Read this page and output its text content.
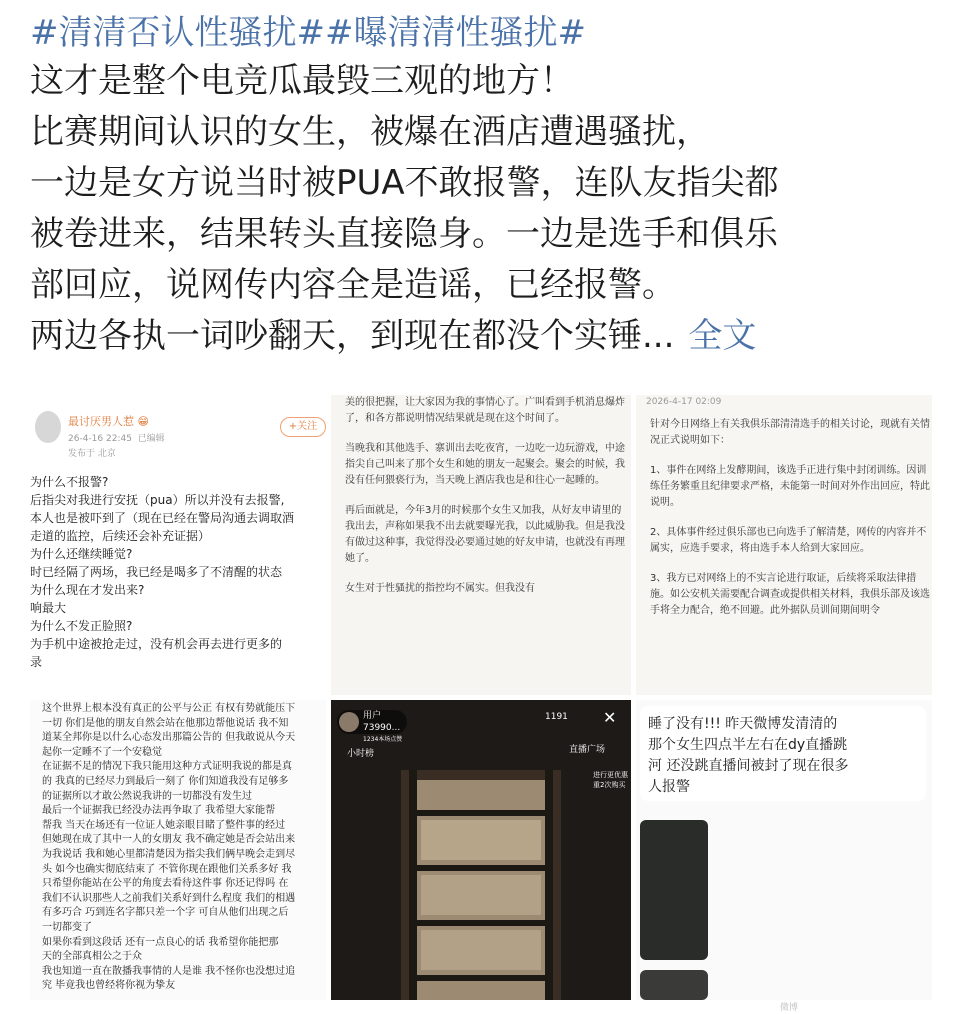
#清清否认性骚扰##曝清清性骚扰#
这才是整个电竞瓜最毁三观的地方！
比赛期间认识的女生，被爆在酒店遭遇骚扰，
一边是女方说当时被PUA不敢报警，连队友指尖都
被卷进来，结果转头直接隐身。一边是选手和俱乐
部回应，说网传内容全是造谣，已经报警。
两边各执一词吵翻天，到现在都没个实锤... 全文
最讨厌男人惹 😁
26-4-16 22:45 已编辑
发布于 北京
+关注
为什么不报警?
后指尖对我进行安抚（pua）所以并没有去报警,
本人也是被吓到了（现在已经在警局沟通去调取酒
走道的监控，后续还会补充证据）
为什么还继续睡觉?
时已经隔了两场，我已经是喝多了不清醒的状态
为什么现在才发出来?
响最大
为什么不发正脸照?
为手机中途被抢走过，没有机会再去进行更多的
录

美的很把握，让大家因为我的事情心了。广叫看到手机消息爆炸了，和各方都说明情况结果就是现在这个时间了。

当晚我和其他选手、寨训出去吃夜宵，一边吃一边玩游戏，中途指尖自己叫来了那个女生和她的朋友一起聚会。聚会的时候，我没有任何猥亵行为，当天晚上酒店我也是和往心一起睡的。

再后面就是，今年3月的时候那个女生又加我，从好友申请里的我出去，声称如果我不出去就要曝光我，以此威胁我。但是我没有做过这种事，我觉得没必要通过她的好友申请，也就没有再理她了。

女生对于性骚扰的指控均不属实。但我没有

2026-4-17 02:09

针对今日网络上有关我俱乐部清清选手的相关讨论，现就有关情况正式说明如下：

1、事件在网络上发酵期间，该选手正进行集中封闭训练。因训练任务繁重且纪律要求严格，未能第一时间对外作出回应，特此说明。

2、具体事件经过俱乐部也已向选手了解清楚，网传的内容并不属实，应选手要求，将由选手本人给到大家回应。

3、我方已对网络上的不实言论进行取证，后续将采取法律措施。如公安机关需要配合调查或提供相关材料，我俱乐部及该选手将全力配合，绝不回避。此外据队员训间期间明令

这个世界上根本没有真正的公平与公正 有权有势就能压下
一切 你们是他的朋友自然会站在他那边帮他说话 我不知
道某全邦你是以什么心态发出那篇公告的 但我敢说从今天
起你一定睡不了一个安稳觉
在证据不足的情况下我只能用这种方式证明我说的都是真
的 我真的已经尽力到最后一刻了 你们知道我没有足够多
的证据所以才敢公然说我讲的一切都没有发生过
最后一个证据我已经没办法再争取了 我希望大家能帮
帮我 当天在场还有一位证人她亲眼目睹了整件事的经过
但她现在成了其中一人的女朋友 我不确定她是否会站出来
为我说话 我和她心里都清楚因为指尖我们俩早晚会走到尽
头 如今也确实彻底结束了 不管你现在跟他们关系多好 我
只希望你能站在公平的角度去看待这件事 你还记得吗 在
我们不认识那些人之前我们关系好到什么程度 我们的相遇
有多巧合 巧到连名字都只差一个字 可自从他们出现之后
一切都变了
如果你看到这段话 还有一点良心的话 我希望你能把那
天的全部真相公之于众
我也知道一直在散播我事情的人是谁 我不怪你也没想过追
究 毕竟我也曾经将你视为挚友
用户73990...
1234本场点赞
1191 ✕
小时榜	直播广场
进行更优惠
重2次购买
睡了没有!!! 昨天微博发清清的
那个女生四点半左右在dy直播跳
河 还没跳直播间被封了现在很多
人报警
微博
